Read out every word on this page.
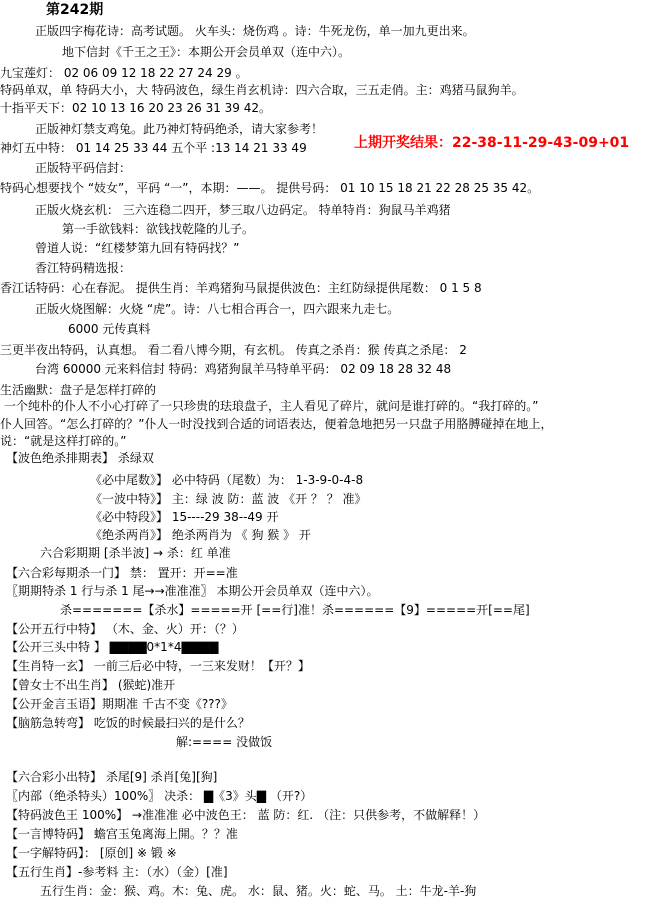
第242期
正版四字梅花诗：高考试题。 火车头：烧伤鸡 。诗：牛死龙伤，单一加九更出来。
地下信封《千王之王》：本期公开会员单双（连中六）。
九宝莲灯： 02 06 09 12 18 22 27 24 29 。
特码单双，单 特码大小，大 特码波色，绿生肖玄机诗：四六合取，三五走俏。主：鸡猪马鼠狗羊。
十指平天下：02 10 13 16 20 23 26 31 39 42。
正版神灯禁支鸡兔。此乃神灯特码绝杀，请大家参考！
神灯五中特： 01 14 25 33 44 五个平 :13 14 21 33 49	上期开奖结果：22-38-11-29-43-09+01
正版特平码信封：
特码心想要找个 “妓女”，平码 “一”，本期：——。 提供号码： 01 10 15 18 21 22 28 25 35 42。
正版火烧玄机： 三六连稳二四开，梦三取八边码定。 特单特肖：狗鼠马羊鸡猪
第一手欲钱料：欲钱找乾隆的儿子。
曾道人说：“红楼梦第九回有特码找？”
香江特码精选报：
香江话特码：心在春泥。 提供生肖：羊鸡猪狗马鼠提供波色：主红防绿提供尾数： 0 1 5 8
正版火烧图解：火烧 “虎”。诗：八七相合再合一，四六跟来九走七。
6000 元传真料
三更半夜出特码，认真想。 看二看八博今期，有玄机。 传真之杀肖：猴 传真之杀尾： 2
台湾 60000 元来料信封 特码：鸡猪狗鼠羊马特单平码： 02 09 18 28 32 48
生活幽默：盘子是怎样打碎的
一个纯朴的仆人不小心打碎了一只珍贵的珐琅盘子，主人看见了碎片，就问是谁打碎的。“我打碎的。”
仆人回答。“怎么打碎的？”仆人一时没找到合适的词语表达，便着急地把另一只盘子用胳膊碰掉在地上，
说：“就是这样打碎的。”
【波色绝杀排期表】 杀绿双
《必中尾数》】 必中特码（尾数）为： 1-3-9-0-4-8
《一波中特》】 主：绿 波 防：蓝 波 《开 ？ ？ 准》
《必中特段》】 15----29 38--49 开
《绝杀两肖》】 绝杀两肖为 《 狗 猴 》 开
六合彩期期 [杀半波] → 杀：红 单准
【六合彩每期杀一门】 禁： 置开：开==准
〖期期特杀 1 行与杀 1 尾→→准准准〗 本期公开会员单双（连中六）。
杀=======【杀水】=====开 [==行]准！杀======【9】=====开[==尾]
【公开五行中特】 （木、金、火）开：（？）
【公开三头中特 】 ▇▇▇▇0*1*4▇▇▇▇
【生肖特一玄】 一前三后必中特，一三来发财！【开？】
【曾女士不出生肖】 (猴蛇)准开
【公开金言玉语】期期准 千古不变《???》
【脑筋急转弯】 吃饭的时候最扫兴的是什么？
解:==== 没做饭
【六合彩小出特】 杀尾[9] 杀肖[兔][狗]
〖内部（绝杀特头）100%〗 决杀： ▇《3》头▇ （开?）
【特码波色王 100%】 →准准准 必中波色王： 蓝 防：红. （注：只供参考，不做解释！）
【一言博特码】 蟾宫玉兔离海上開。？？准
【一字解特码】： [原创] ※ 锻 ※
【五行生肖】-参考料 主：（水）（金）[准]
五行生肖：金：猴、鸡。木：兔、虎。 水：鼠、猪。火：蛇、马。 土：牛龙-羊-狗
